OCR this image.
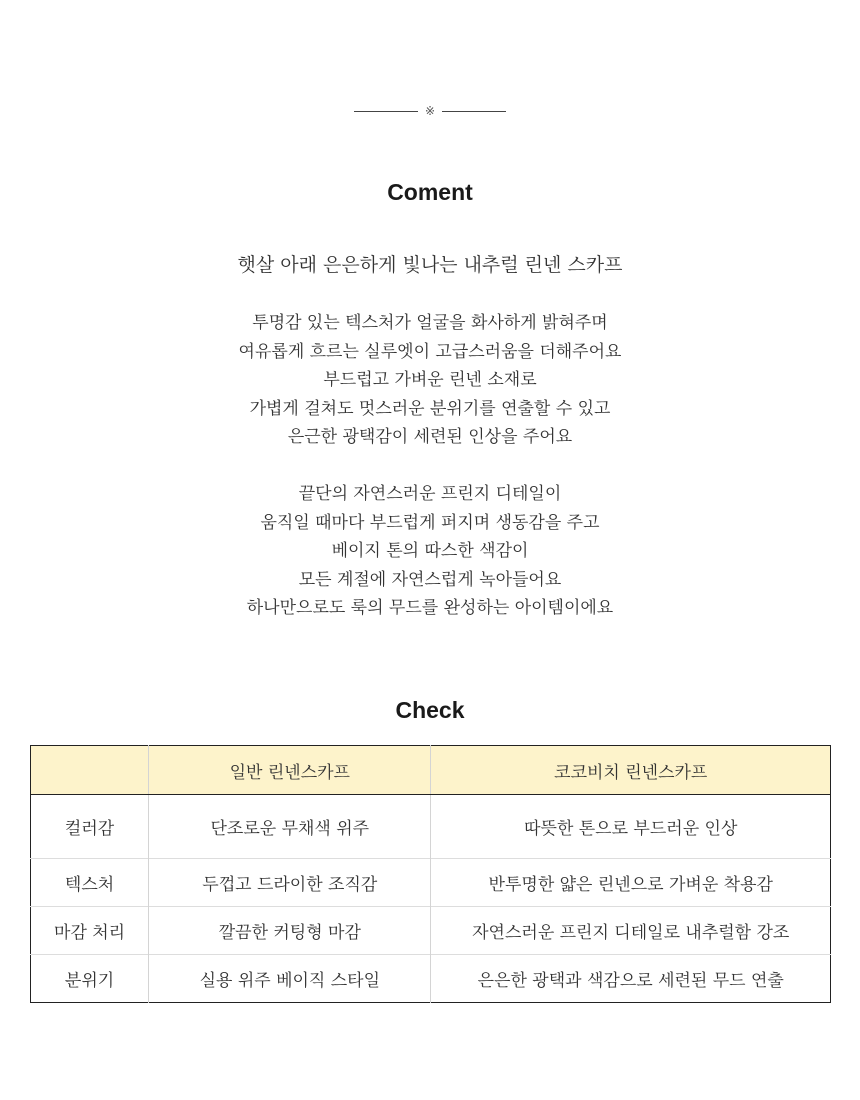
※
Coment
햇살 아래 은은하게 빛나는 내추럴 린넨 스카프
투명감 있는 텍스처가 얼굴을 화사하게 밝혀주며
여유롭게 흐르는 실루엣이 고급스러움을 더해주어요
부드럽고 가벼운 린넨 소재로
가볍게 걸쳐도 멋스러운 분위기를 연출할 수 있고
은근한 광택감이 세련된 인상을 주어요
끝단의 자연스러운 프린지 디테일이
움직일 때마다 부드럽게 퍼지며 생동감을 주고
베이지 톤의 따스한 색감이
모든 계절에 자연스럽게 녹아들어요
하나만으로도 룩의 무드를 완성하는 아이템이에요
Check
	일반 린넨스카프	코코비치 린넨스카프
컬러감	단조로운 무채색 위주	따뜻한 톤으로 부드러운 인상
텍스처	두껍고 드라이한 조직감	반투명한 얇은 린넨으로 가벼운 착용감
마감 처리	깔끔한 커팅형 마감	자연스러운 프린지 디테일로 내추럴함 강조
분위기	실용 위주 베이직 스타일	은은한 광택과 색감으로 세련된 무드 연출
